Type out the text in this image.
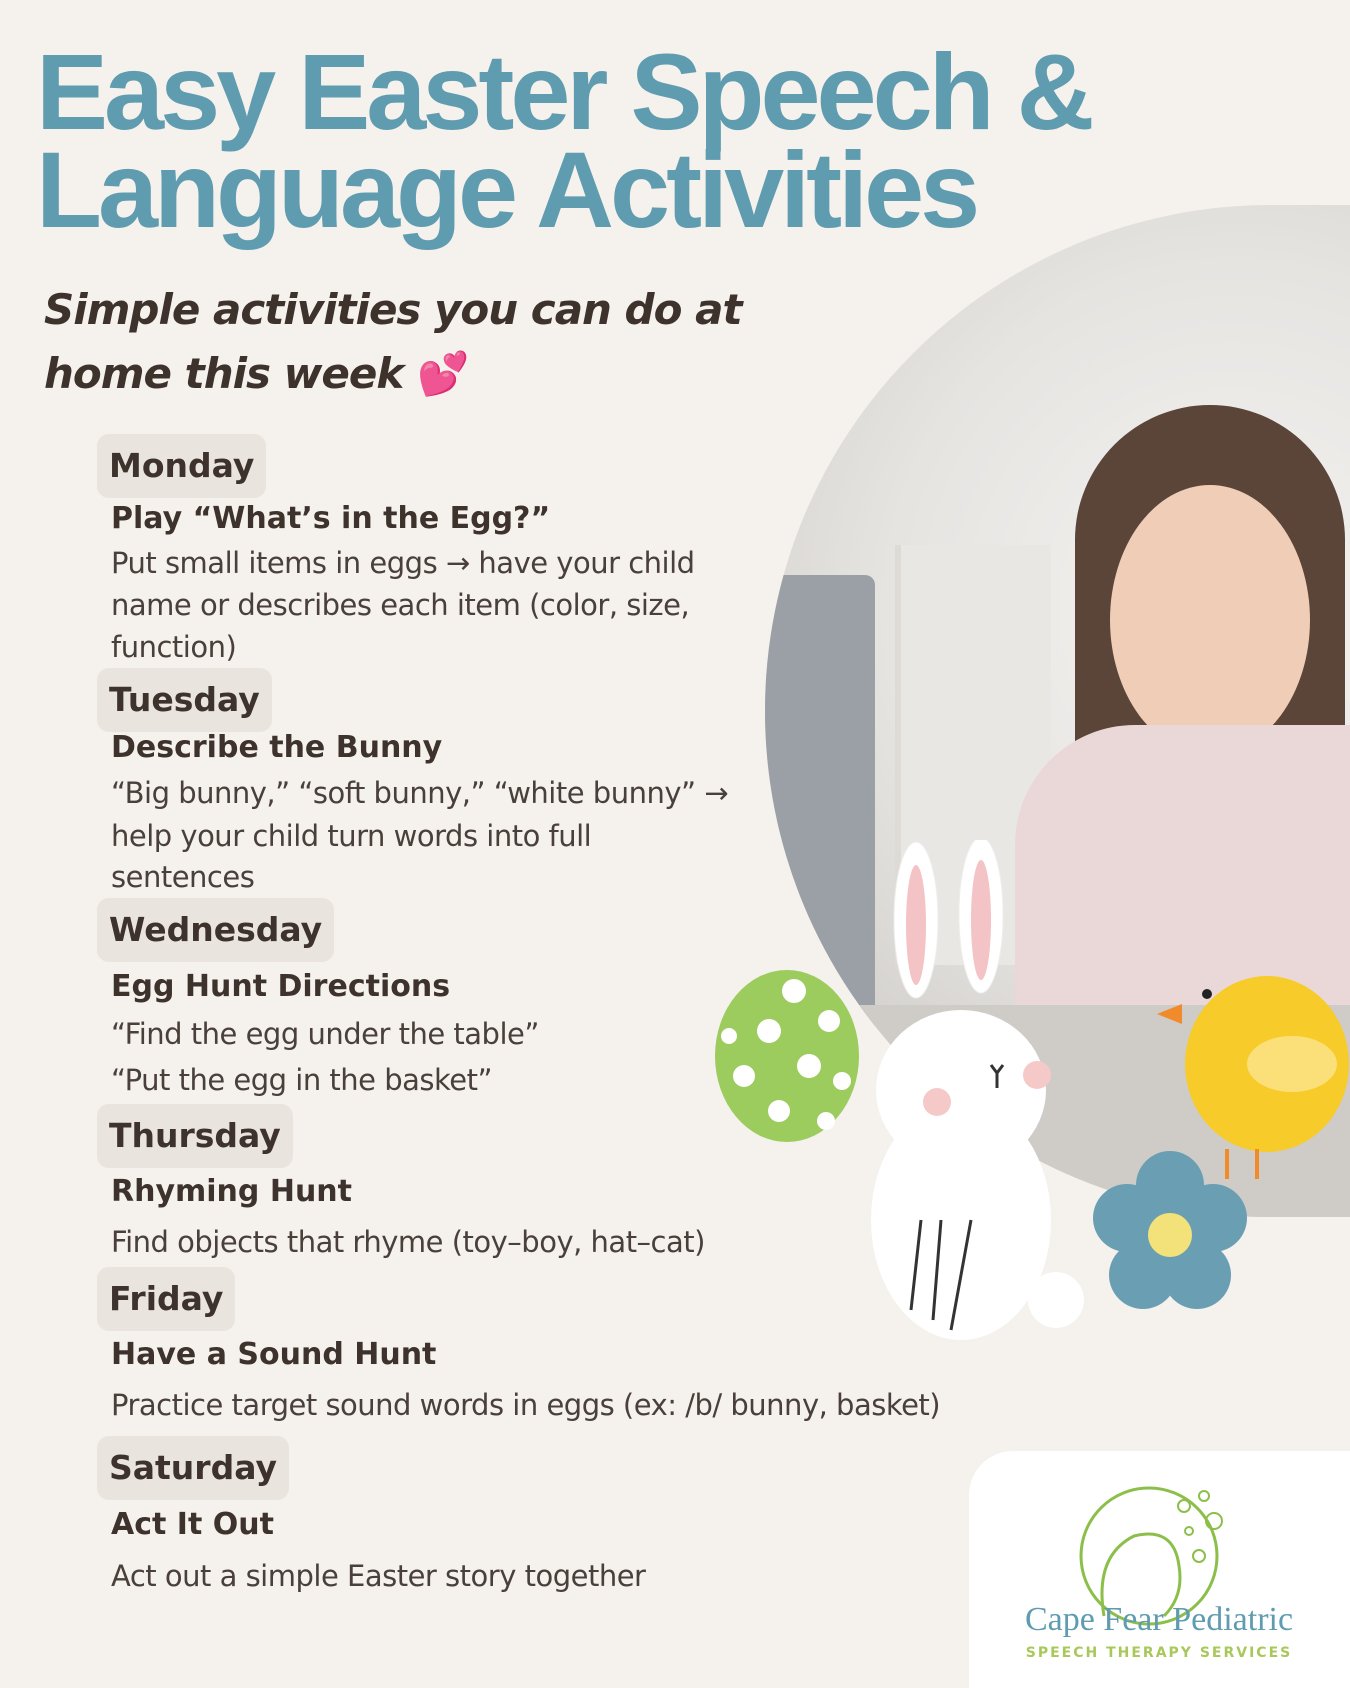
Easy Easter Speech &
Language Activities
Simple activities you can do at
home this week 💕
Monday
Play “What’s in the Egg?”
Put small items in eggs → have your child
name or describes each item (color, size,
function)
Tuesday
Describe the Bunny
“Big bunny,” “soft bunny,” “white bunny” →
help your child turn words into full
sentences
Wednesday
Egg Hunt Directions
“Find the egg under the table”
“Put the egg in the basket”
Thursday
Rhyming Hunt
Find objects that rhyme (toy–boy, hat–cat)
Friday
Have a Sound Hunt
Practice target sound words in eggs (ex: /b/ bunny, basket)
Saturday
Act It Out
Act out a simple Easter story together
Cape Fear Pediatric
SPEECH THERAPY SERVICES
